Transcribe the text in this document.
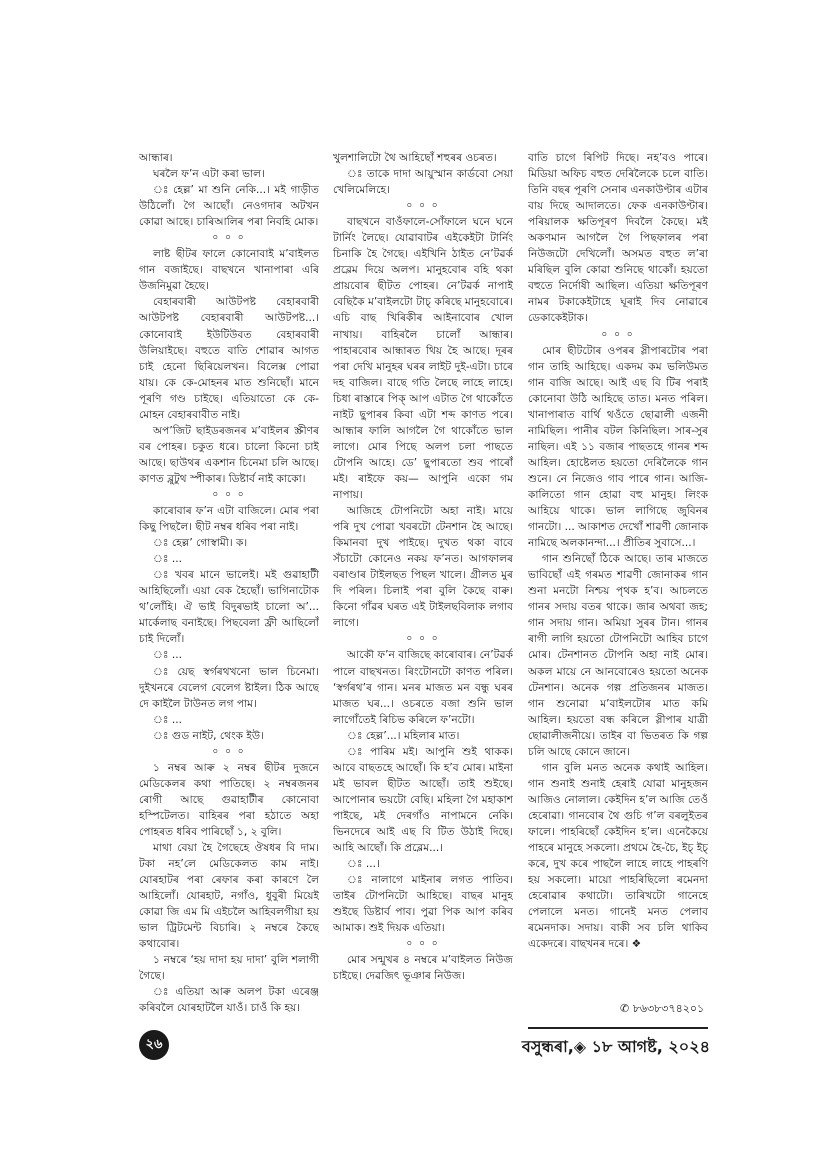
আন্ধাৰ।

ঘৰলৈ ফ’ন এটা কৰা ভাল।

ঃ হেল্ল’ মা শুনি নেকি...। মই গাড়ীত উঠিলোঁ। গৈ আছোঁ। নেওগদাৰ অটখন কোৱা আছে। চাৰিআলিৰ পৰা নিবহি মোক।

০ ০ ০

লাষ্ট ছীটৰ ফালে কোনোবাই ম’বাইলত গান বজাইছে। বাছখনে খানাপাৰা এৰি উজনিমুৱা হৈছে।

বেহাৰবাৰী আউটপষ্ট বেহাৰবাৰী আউটপষ্ট বেহাৰবাৰী আউটপষ্ট...। কোনোবাই ইউটিউবত বেহাৰবাৰী উলিয়াইছে। বহুতে বাতি শোৱাৰ আগত চাই হেনো ছিৰিয়েলখন। বিলেক্স পোৱা যায়। কে কে-মোহনৰ মাত শুনিছোঁ। মানে পূৰণি গণ্ড চাইছে। এতিয়াতো কে কে-মোহন বেহাৰবাবীত নাই।

অপ’জিট ছাইডৰজনৰ ম’বাইলৰ স্ক্ৰীণৰ বৰ পোহৰ। চকুত ধৰে। চালো কিনো চাই আছে। ছাউথৰ একশান চিনেমা চলি আছে। কাণত ব্লুটুথ স্পীকাৰ। ডিষ্টাৰ্ব নাই কাকো।

০ ০ ০

কাৰোবাৰ ফ’ন এটা বাজিলে। মোৰ পৰা কিছু পিছলৈ। ছীট নম্বৰ ধৰিব পৰা নাই।

ঃ হেল্ল’ গোস্বামী। ক।

ঃ ...

ঃ খবৰ মানে ভালেই। মই গুৱাহাটী আহিছিলোঁ। এয়া বেক হৈছোঁ। ভাগিনাটোক থ’লোঁহি। ঐ ভাই বিদুৰভাই চালো অ’... মাৰ্কেলাছ বনাইছে। পিছবেলা ফ্ৰী আছিলোঁ চাই দিলোঁ।

ঃ ...

ঃ য়েছ স্বৰ্গৰথখনো ভাল চিনেমা। দুইখনৰে বেলেগ বেলেগ ষ্টাইল। ঠিক আছে দে কাইলৈ টাউনত লগ পাম।

ঃ ...

ঃ গুড নাইট, থেংক ইউ।

০ ০ ০

১ নম্বৰ আৰু ২ নম্বৰ ছীটৰ দুজনে মেডিকেলৰ কথা পাতিছে। ২ নম্বৰজনৰ ৰোগী আছে গুৱাহাটীৰ কোনোবা হস্পিটেলত। বাহিৰৰ পৰা হঠাতে অহা পোহৰত ধৰিব পাৰিছোঁ ১, ২ বুলি।

মাথা বেয়া হৈ গৈছেহে ঔষধৰ বি দাম। টকা নহ’লে মেডিকেলত কাম নাই। যোৰহাটৰ পৰা ৰেফাৰ কৰা কাৰণে লৈ আহিলোঁ। যোৰহাট, নগাঁও, ধুবুৰী মিয়েই কোৱা জি এম মি এইচলৈ আহিবলগীয়া হয় ভাল ট্ৰিটমেন্ট বিচাৰি। ২ নম্বৰে কৈছে কথাবোৰ।

১ নম্বৰে ‘হয় দাদা হয় দাদা’ বুলি শলাগী গৈছে।

ঃ এতিয়া আৰু অলপ টকা এৰেঞ্জ কৰিবলৈ যোৰহাটলৈ যাওঁ। চাওঁ কি হয়।

খুলশালিটো থৈ আহিছোঁ শহুৰৰ ওচৰত।

ঃ তাকে দাদা আয়ুস্মান কাৰ্ডবো সেয়া খেলিমেলিহে।

০ ০ ০

বাছখনে বাওঁফালে-সোঁফালে ঘনে ঘনে টাৰ্নিং লৈছে। যোৱাবাটৰ এইকেইটা টাৰ্নিং চিনাকি হৈ গৈছে। এইখিনি ঠাইত নে’টৱৰ্ক প্ৰব্লেম দিয়ে অলপ। মানুহবোৰ বহি থকা প্ৰায়বোৰ ছীটত পোহৰ। নে’টৱৰ্ক নাপাই বেছিকৈ ম’বাইলটো টাচ্ কৰিছে মানুহবোৰে। এচি বাছ খিৰিকীৰ আইনাবোৰ খোল নাখায়। বাহিৰলৈ চালোঁ আন্ধাৰ। পাহাৰবোৰ আন্ধাৰত থিয় হৈ আছে। দূৰৰ পৰা দেখি মানুহৰ ঘৰৰ লাইট দুই-এটা। চাৰে দহ বাজিল। বাছে গতি লৈছে লাহে লাহে। চিধা ৰাস্তাৰে পিক্ আপ এটাত গৈ থাকোঁতে নাইট ছুপাৰৰ কিবা এটা শব্দ কাণত পৰে। আন্ধাৰ ফালি আগলৈ গৈ থাকোঁতে ভাল লাগে। মোৰ পিছে অলপ চলা পাছতে টোপনি আহে। ডে’ ছুপাৰতো শুব পাৰোঁ মই। ৰাইফে কয়— আপুনি একো গম নাপায়।

আজিহে টোপনিটো অহা নাই। মায়ে পৰি দুখ পোৱা খবৰটো টেনশান হৈ আছে। কিমানবা দুখ পাইছে। দুখত থকা বাবে সঁচাটো কোনেও নকয় ফ’নত। আগফালৰ বৰাণ্ডাৰ টাইলছত পিছল খালে। গ্ৰীলত মুৰ দি পৰিল। চিলাই পৰা বুলি কৈছে বাৰু। কিনো গাঁৱৰ ঘৰত এই টাইলছবিলাক লগাব লাগে।

০ ০ ০

আকৌ ফ’ন বাজিছে কাৰোবাৰ। নে’টৱৰ্ক পালে বাছখনত। ৰিংটোনটো কাণত পৰিল। ‘স্বৰ্গৰথ’ৰ গান। মনৰ মাজত মন বন্ধু ঘৰৰ মাজত ঘৰ...। ওচৰতে বজা শুনি ভাল লাগোঁতেই ৰিচিভ কৰিলে ফ’নটো।

ঃ হেল্ল’...। মহিলাৰ মাত।

ঃ পাৰিম মই। আপুনি শুই থাকক। আবে বাছতহে আছোঁ। কি হ’ব মোৰ। মাইনা মই ভাবল ছীটত আছোঁ। তাই শুইছে। আপোনাৰ ভয়টো বেছি। মহিলা গৈ মহাকাশ পাইছে, মই দেৰগাঁও নাপামনে নেকি। ভিনদেৰে আই এছ বি টিত উঠাই দিছে। আহি আছোঁ। কি প্ৰব্লেম...।

ঃ ...।

ঃ নালাগে মাইনাৰ লগত পাতিব। তাইৰ টোপনিটো আহিছে। বাছৰ মানুহ শুইছে ডিষ্টাৰ্ব পাব। পুৱা পিক আপ কৰিব আমাক। শুই দিয়ক এতিয়া।

০ ০ ০

মোৰ সন্মুখৰ ৪ নম্বৰে ম’বাইলত নিউজ চাইছে। দেৱজিৎ ভূঞাৰ নিউজ।

বাতি চাগে ৰিপিট দিছে। নহ’বও পাৰে। মিডিয়া অফিচ বহুত দেৰিলৈকে চলে বাতি। তিনি বছৰ পূৰণি সেনাৰ এনকাউণ্টাৰ এটাৰ বায় দিছে আদালতে। ফেক এনকাউণ্টাৰ। পৰিয়ালক ক্ষতিপূৰণ দিবলৈ কৈছে। মই অকণমান আগলৈ গৈ পিছফালৰ পৰা নিউজটো দেখিলোঁ। অসমত বহুত ল’ৰা মৰিছিল বুলি কোৱা শুনিছে থাকোঁ। হয়তো বহুতে নিৰ্দোষী আছিল। এতিয়া ক্ষতিপূৰণ নামৰ টকাকেইটাহে ঘূৰাই দিব নোৱাৰে ডেকাকেইটাক।

০ ০ ০

মোৰ ছীটটোৰ ওপৰৰ স্লীপাৰটোৰ পৰা গান তাহি আহিছে। একদম কম ভলিউমত গান বাজি আছে। আই এছ বি টিৰ পৰাই কোনোবা উঠি আহিছে তাত। মনত পৰিল। খানাপাৰাত বাৰ্থি থওঁতে ছোৱালী এজনী নামিছিল। পানীৰ বটল কিনিছিল। সাৰ-সুৰ নাছিল। এই ১১ বজাৰ পাছতহে গানৰ শব্দ আহিল। হোষ্টেলত হয়তো দেৰিলৈকে গান শুনে। নে নিজেও গাব পাৰে গান। আজি-কালিতো গান হোৱা বহু মানুহ। লিংক আহিয়ে থাকে। ভাল লাগিছে জুবিনৰ গানটো। ... আকাশত দেখোঁ শাৱণী জোনাক নামিছে অলকানন্দা...। প্ৰীতিৰ সুবাসে...।

গান শুনিছোঁ ঠিকে আছে। তাৰ মাজতে ভাবিছোঁ এই গৰমত শাৱণী জোনাকৰ গান শুনা মনটো নিশ্চয় পৃথক হ’ব। আচলতে গানৰ সদায় বতৰ থাকে। জাৰ অথবা জহ; গান সদায় গান। অমিয়া সুৰৰ টান। গানৰ ৰাগী লাগি হয়তো টোপনিটো আহিব চাগে মোৰ। টেনশানত টোপনি অহা নাই মোৰ। অকল মায়ে নে আনবোৰেও হয়তো অনেক টেনশান। অনেক গল্প প্ৰতিজনৰ মাজত। গান শুনোৱা ম’বাইলটোৰ মাত কমি আহিল। হয়তো বন্ধ কৰিলে স্লীপাৰ যাত্ৰী ছোৱালীজনীয়ে। তাইৰ বা ভিতৰত কি গল্প চলি আছে কোনে জানে।

গান বুলি মনত অনেক কথাই আহিল। গান শুনাই শুনাই হেৰাই যোৱা মানুহজন আজিও নোলাল। কেইদিন হ’ল আজি তেওঁ হেৰোৱা। গানবোৰ থৈ গুচি গ’ল বৰলুইতৰ ফালে। পাহৰিছোঁ কেইদিন হ’ল। এনেকৈয়ে পাহৰে মানুহে সকলো। প্ৰথমে হৈ-চৈ, ইচ্ ইচ্ কৰে, দুখ কৰে পাছলৈ লাহে লাহে পাহৰণি হয় সকলো। মায়ো পাহৰিছিলো ৰমেনদা হেৰোৱাৰ কথাটো। তাৰিখটো গানেহে পেলালে মনত। গানেই মনত পেলাব ৰমেনদাক। সদায়। বাকী সব চলি থাকিব একেদৰে। বাছখনৰ দৰে। ❖

✆ ৮৬৩৮৩৭৪২০১
২৬	বসুন্ধৰা,◈ ১৮ আগষ্ট, ২০২৪
